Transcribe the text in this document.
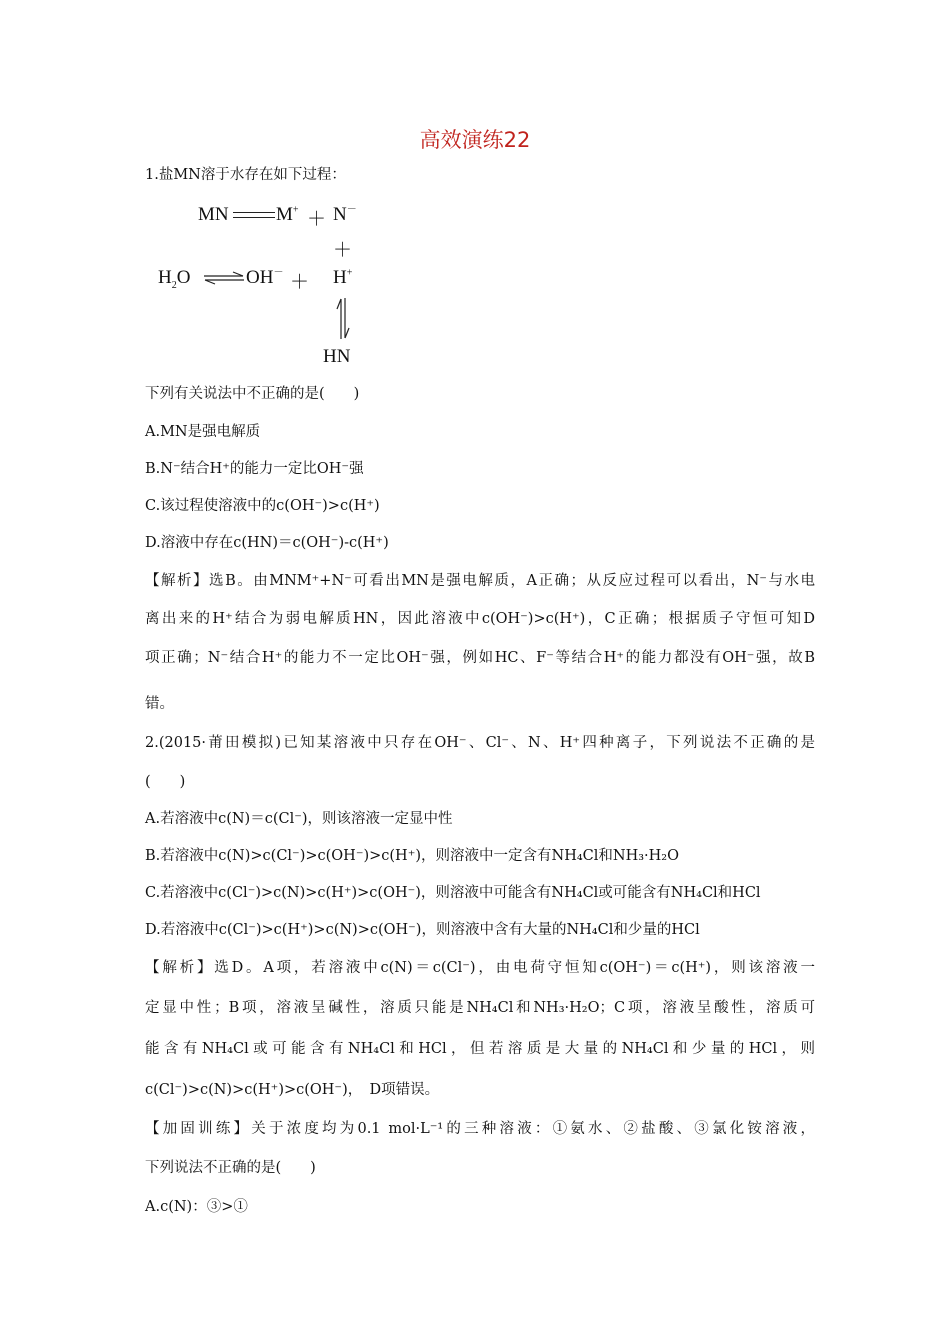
高效演练22
1.盐MN溶于水存在如下过程：
MN M+ ＋ N－
＋
$H_2O$ ⇌ OH－ ＋ H+
HN
下列有关说法中不正确的是(　　)
A.MN是强电解质
B.N⁻结合H⁺的能力一定比OH⁻强
C.该过程使溶液中的c(OH⁻)>c(H⁺)
D.溶液中存在c(HN)＝c(OH⁻)-c(H⁺)
【解析】选B。由MNM⁺+N⁻可看出MN是强电解质，A正确；从反应过程可以看出，N⁻与水电
离出来的H⁺结合为弱电解质HN，因此溶液中c(OH⁻)>c(H⁺)，C正确；根据质子守恒可知D
项正确；N⁻结合H⁺的能力不一定比OH⁻强，例如HC、F⁻等结合H⁺的能力都没有OH⁻强，故B
错。
2.(2015·莆田模拟)已知某溶液中只存在OH⁻、Cl⁻、N、H⁺四种离子，下列说法不正确的是
(　　)
A.若溶液中c(N)＝c(Cl⁻)，则该溶液一定显中性
B.若溶液中c(N)>c(Cl⁻)>c(OH⁻)>c(H⁺)，则溶液中一定含有NH₄Cl和NH₃·H₂O
C.若溶液中c(Cl⁻)>c(N)>c(H⁺)>c(OH⁻)，则溶液中可能含有NH₄Cl或可能含有NH₄Cl和HCl
D.若溶液中c(Cl⁻)>c(H⁺)>c(N)>c(OH⁻)，则溶液中含有大量的NH₄Cl和少量的HCl
【解析】选D。A项，若溶液中c(N)＝c(Cl⁻)，由电荷守恒知c(OH⁻)＝c(H⁺)，则该溶液一
定显中性；B项，溶液呈碱性，溶质只能是NH₄Cl和NH₃·H₂O；C项，溶液呈酸性，溶质可
能含有NH₄Cl或可能含有NH₄Cl和HCl，但若溶质是大量的NH₄Cl和少量的HCl，则
c(Cl⁻)>c(N)>c(H⁺)>c(OH⁻)，　D项错误。
【加固训练】关于浓度均为0.1 mol·L⁻¹的三种溶液：①氨水、②盐酸、③氯化铵溶液，
下列说法不正确的是(　　)
A.c(N)：③>①
